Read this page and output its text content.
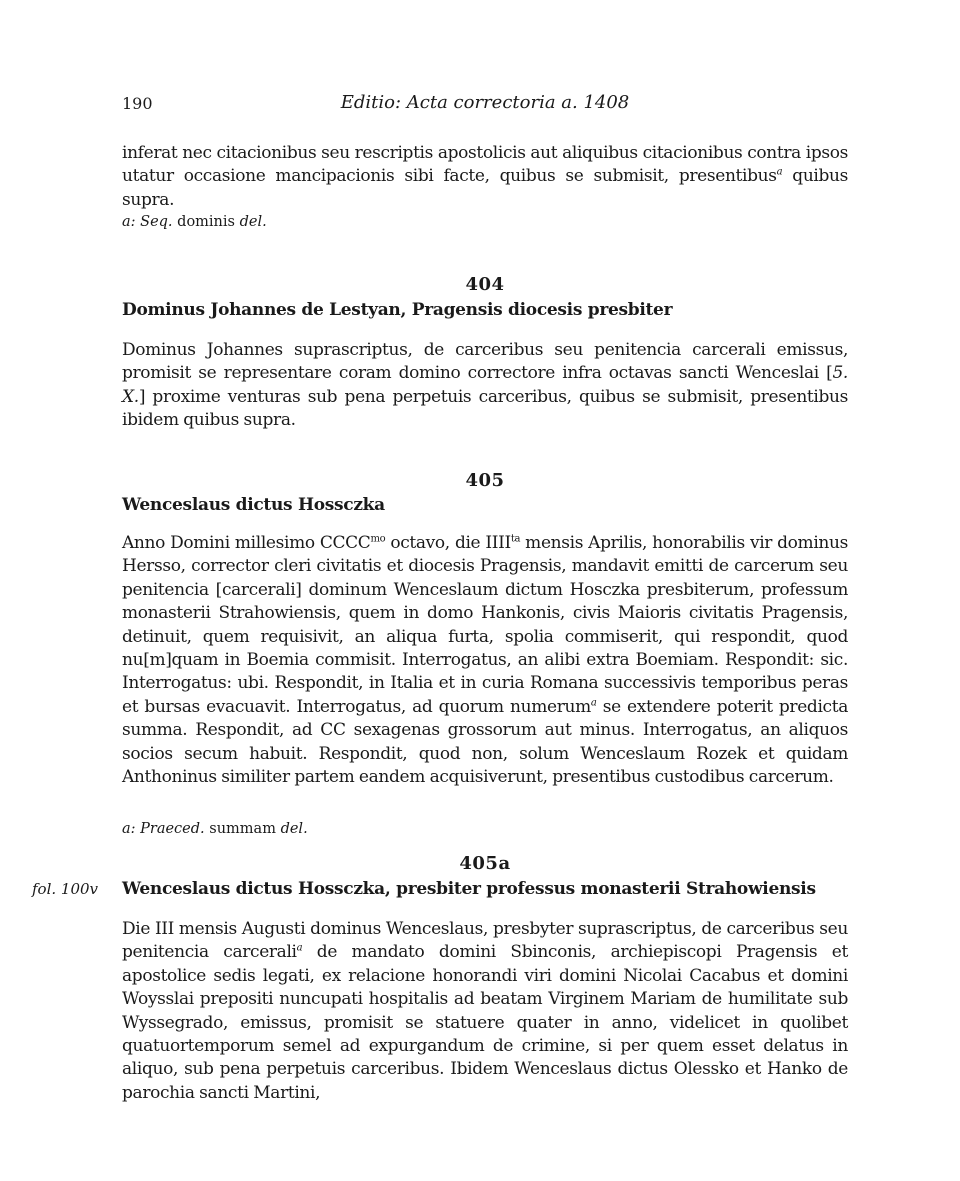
190	Editio: Acta correctoria a. 1408

inferat nec citacionibus seu rescriptis apostolicis aut aliquibus citacionibus contra ipsos utatur occasione mancipacionis sibi facte, quibus se submisit, presentibus$^a$ quibus supra.

a: Seq. dominis del.
404
Dominus Johannes de Lestyan, Pragensis diocesis presbiter

Dominus Johannes suprascriptus, de carceribus seu penitencia carcerali emissus, promisit se representare coram domino correctore infra octavas sancti Wenceslai [5. X.] proxime venturas sub pena perpetuis carceribus, quibus se submisit, presentibus ibidem quibus supra.

405
Wenceslaus dictus Hossczka

Anno Domini millesimo $CCCC^{mo}$ octavo, die $IIII^{ta}$ mensis Aprilis, honorabilis vir dominus Hersso, corrector cleri civitatis et diocesis Pragensis, mandavit emitti de carcerum seu penitencia [carcerali] dominum Wenceslaum dictum Hosczka presbiterum, professum monasterii Strahowiensis, quem in domo Hankonis, civis Maioris civitatis Pragensis, detinuit, quem requisivit, an aliqua furta, spolia commiserit, qui respondit, quod nu[m]quam in Boemia commisit. Interrogatus, an alibi extra Boemiam. Respondit: sic. Interrogatus: ubi. Respondit, in Italia et in curia Romana successivis temporibus peras et bursas evacuavit. Interrogatus, ad quorum numerum$^a$ se extendere poterit predicta summa. Respondit, ad CC sexagenas grossorum aut minus. Interrogatus, an aliquos socios secum habuit. Respondit, quod non, solum Wenceslaum Rozek et quidam Anthoninus similiter partem eandem acquisiverunt, presentibus custodibus carcerum.

a: Praeced. summam del.
405a
fol. 100v Wenceslaus dictus Hossczka, presbiter professus monasterii Strahowiensis

Die III mensis Augusti dominus Wenceslaus, presbyter suprascriptus, de carceribus seu penitencia carcerali$^a$ de mandato domini Sbinconis, archiepiscopi Pragensis et apostolice sedis legati, ex relacione honorandi viri domini Nicolai Cacabus et domini Woysslai prepositi nuncupati hospitalis ad beatam Virginem Mariam de humilitate sub Wyssegrado, emissus, promisit se statuere quater in anno, videlicet in quolibet quatuortemporum semel ad expurgandum de crimine, si per quem esset delatus in aliquo, sub pena perpetuis carceribus. Ibidem Wenceslaus dictus Olessko et Hanko de parochia sancti Martini,
